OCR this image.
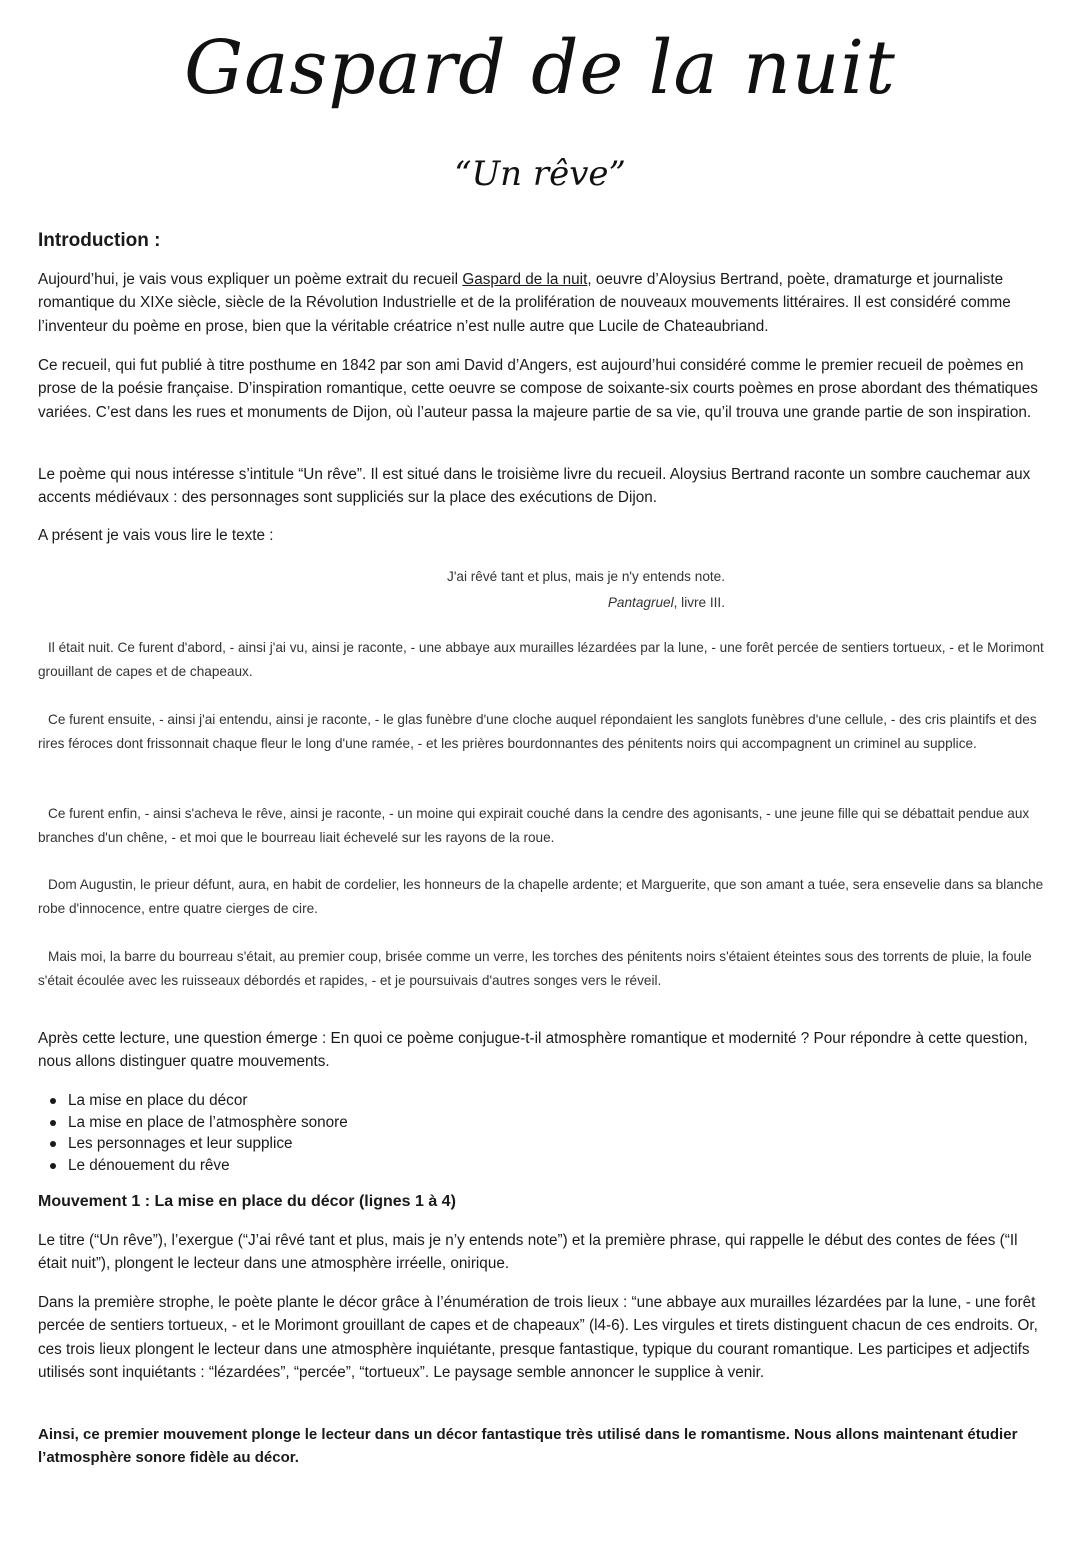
Gaspard de la nuit
“Un rêve”
Introduction :

Aujourd’hui, je vais vous expliquer un poème extrait du recueil Gaspard de la nuit, oeuvre d’Aloysius Bertrand, poète, dramaturge et journaliste romantique du XIXe siècle, siècle de la Révolution Industrielle et de la prolifération de nouveaux mouvements littéraires. Il est considéré comme l’inventeur du poème en prose, bien que la véritable créatrice n’est nulle autre que Lucile de Chateaubriand.

Ce recueil, qui fut publié à titre posthume en 1842 par son ami David d’Angers, est aujourd’hui considéré comme le premier recueil de poèmes en prose de la poésie française. D’inspiration romantique, cette oeuvre se compose de soixante-six courts poèmes en prose abordant des thématiques variées. C’est dans les rues et monuments de Dijon, où l’auteur passa la majeure partie de sa vie, qu’il trouva une grande partie de son inspiration.

Le poème qui nous intéresse s’intitule “Un rêve”. Il est situé dans le troisième livre du recueil. Aloysius Bertrand raconte un sombre cauchemar aux accents médiévaux : des personnages sont suppliciés sur la place des exécutions de Dijon.

A présent je vais vous lire le texte :

J'ai rêvé tant et plus, mais je n'y entends note.
Pantagruel, livre III.

Il était nuit. Ce furent d'abord, - ainsi j'ai vu, ainsi je raconte, - une abbaye aux murailles lézardées par la lune, - une forêt percée de sentiers tortueux, - et le Morimont grouillant de capes et de chapeaux.

Ce furent ensuite, - ainsi j'ai entendu, ainsi je raconte, - le glas funèbre d'une cloche auquel répondaient les sanglots funèbres d'une cellule, - des cris plaintifs et des rires féroces dont frissonnait chaque fleur le long d'une ramée, - et les prières bourdonnantes des pénitents noirs qui accompagnent un criminel au supplice.

Ce furent enfin, - ainsi s'acheva le rêve, ainsi je raconte, - un moine qui expirait couché dans la cendre des agonisants, - une jeune fille qui se débattait pendue aux branches d'un chêne, - et moi que le bourreau liait échevelé sur les rayons de la roue.

Dom Augustin, le prieur défunt, aura, en habit de cordelier, les honneurs de la chapelle ardente; et Marguerite, que son amant a tuée, sera ensevelie dans sa blanche robe d'innocence, entre quatre cierges de cire.

Mais moi, la barre du bourreau s'était, au premier coup, brisée comme un verre, les torches des pénitents noirs s'étaient éteintes sous des torrents de pluie, la foule s'était écoulée avec les ruisseaux débordés et rapides, - et je poursuivais d'autres songes vers le réveil.

Après cette lecture, une question émerge : En quoi ce poème conjugue-t-il atmosphère romantique et modernité ? Pour répondre à cette question, nous allons distinguer quatre mouvements.

La mise en place du décor
La mise en place de l’atmosphère sonore
Les personnages et leur supplice
Le dénouement du rêve
Mouvement 1 : La mise en place du décor (lignes 1 à 4)

Le titre (“Un rêve”), l’exergue (“J’ai rêvé tant et plus, mais je n’y entends note”) et la première phrase, qui rappelle le début des contes de fées (“Il était nuit”), plongent le lecteur dans une atmosphère irréelle, onirique.

Dans la première strophe, le poète plante le décor grâce à l’énumération de trois lieux : “une abbaye aux murailles lézardées par la lune, - une forêt percée de sentiers tortueux, - et le Morimont grouillant de capes et de chapeaux” (l4-6). Les virgules et tirets distinguent chacun de ces endroits. Or, ces trois lieux plongent le lecteur dans une atmosphère inquiétante, presque fantastique, typique du courant romantique. Les participes et adjectifs utilisés sont inquiétants : “lézardées”, “percée”, “tortueux”. Le paysage semble annoncer le supplice à venir.

Ainsi, ce premier mouvement plonge le lecteur dans un décor fantastique très utilisé dans le romantisme. Nous allons maintenant étudier l’atmosphère sonore fidèle au décor.
